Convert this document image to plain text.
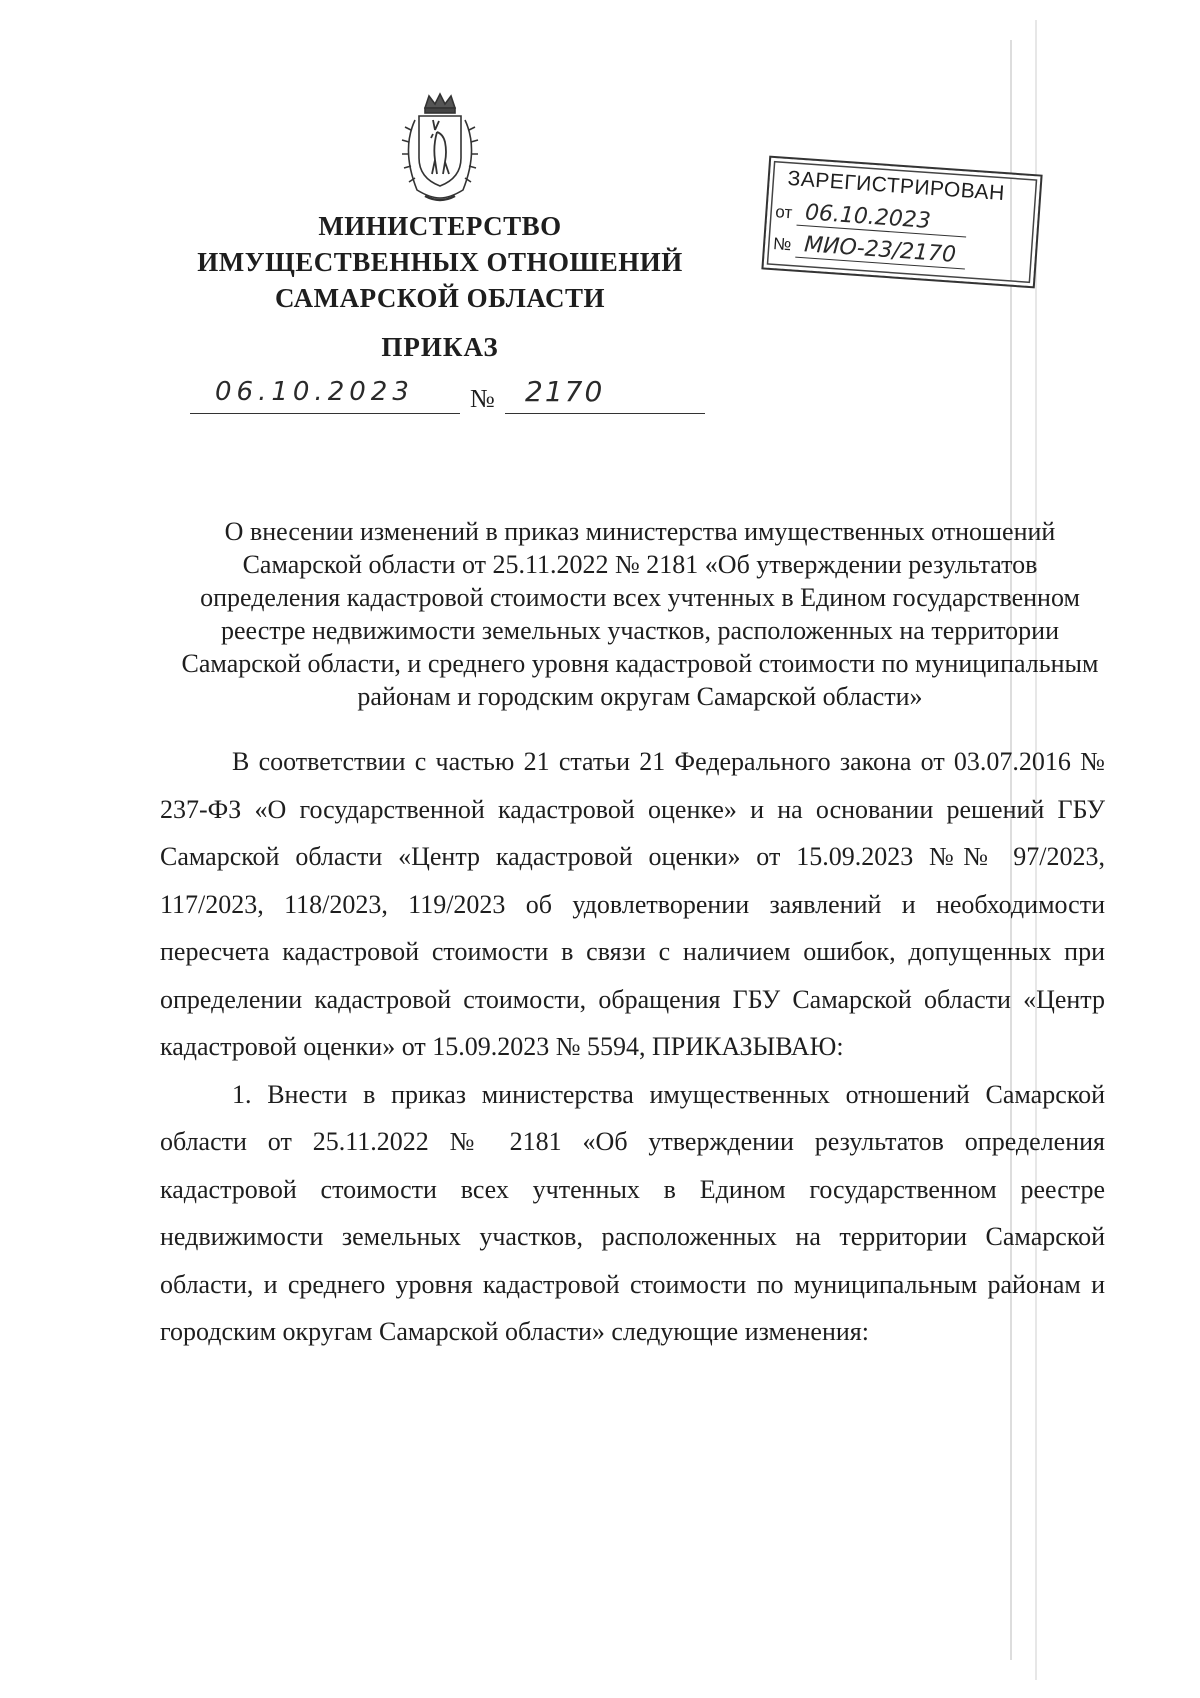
МИНИСТЕРСТВО
ИМУЩЕСТВЕННЫХ ОТНОШЕНИЙ
САМАРСКОЙ ОБЛАСТИ
ПРИКАЗ
06.10.2023 № 2170
ЗАРЕГИСТРИРОВАН
от 06.10.2023
№ МИО-23/2170
О внесении изменений в приказ министерства имущественных отношений Самарской области от 25.11.2022 № 2181 «Об утверждении результатов определения кадастровой стоимости всех учтенных в Едином государственном реестре недвижимости земельных участков, расположенных на территории Самарской области, и среднего уровня кадастровой стоимости по муниципальным районам и городским округам Самарской области»

В соответствии с частью 21 статьи 21 Федерального закона от 03.07.2016 № 237-ФЗ «О государственной кадастровой оценке» и на основании решений ГБУ Самарской области «Центр кадастровой оценки» от 15.09.2023 №№ 97/2023, 117/2023, 118/2023, 119/2023 об удовлетворении заявлений и необходимости пересчета кадастровой стоимости в связи с наличием ошибок, допущенных при определении кадастровой стоимости, обращения ГБУ Самарской области «Центр кадастровой оценки» от 15.09.2023 № 5594, ПРИКАЗЫВАЮ:

1. Внести в приказ министерства имущественных отношений Самарской области от 25.11.2022 № 2181 «Об утверждении результатов определения кадастровой стоимости всех учтенных в Едином государственном реестре недвижимости земельных участков, расположенных на территории Самарской области, и среднего уровня кадастровой стоимости по муниципальным районам и городским округам Самарской области» следующие изменения:
